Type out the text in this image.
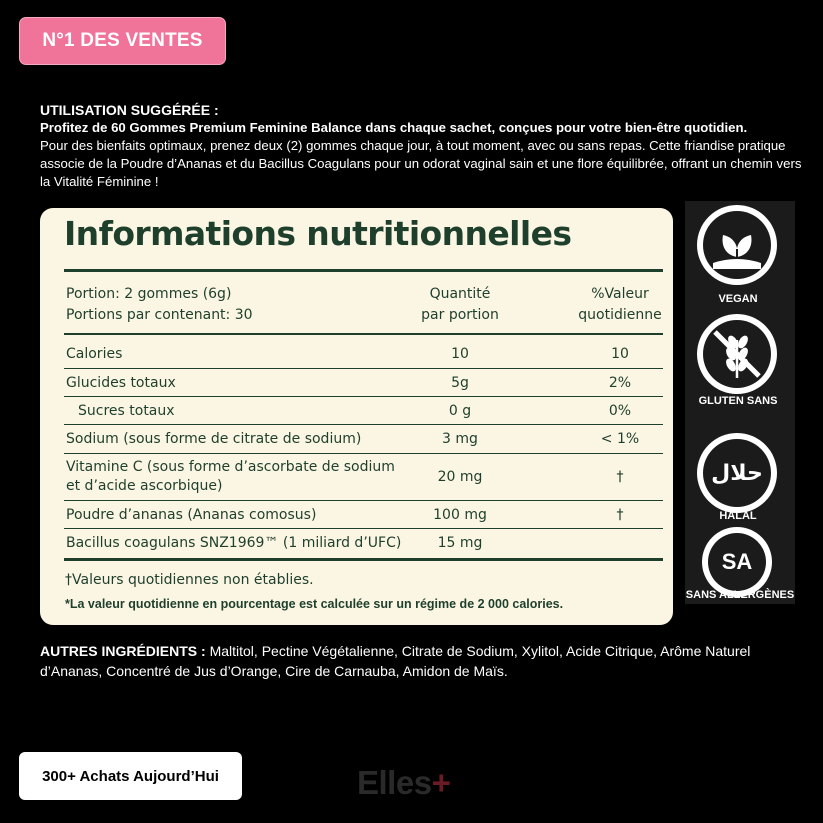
N°1 DES VENTES
UTILISATION SUGGÉRÉE :
Profitez de 60 Gommes Premium Feminine Balance dans chaque sachet, conçues pour votre bien-être quotidien.
Pour des bienfaits optimaux, prenez deux (2) gommes chaque jour, à tout moment, avec ou sans repas. Cette friandise pratique associe de la Poudre d’Ananas et du Bacillus Coagulans pour un odorat vaginal sain et une flore équilibrée, offrant un chemin vers la Vitalité Féminine !
Informations nutritionnelles
Portion: 2 gommes (6g)
Portions par contenant: 30
Quantité
par portion
%Valeur
quotidienne
Calories	10	10
Glucides totaux	5g	2%
Sucres totaux	0 g	0%
Sodium (sous forme de citrate de sodium)	3 mg	< 1%
Vitamine C (sous forme d’ascorbate de sodium
et d’acide ascorbique)
20 mg	†
Poudre d’ananas (Ananas comosus)	100 mg	†
Bacillus coagulans SNZ1969™ (1 miliard d’UFC)	15 mg
†Valeurs quotidiennes non établies.
*La valeur quotidienne en pourcentage est calculée sur un régime de 2 000 calories.
VEGAN
GLUTEN SANS
حلال
HALAL
SA
SANS ALLERGÈNES
AUTRES INGRÉDIENTS : Maltitol, Pectine Végétalienne, Citrate de Sodium, Xylitol, Acide Citrique, Arôme Naturel d’Ananas, Concentré de Jus d’Orange, Cire de Carnauba, Amidon de Maïs.
300+ Achats Aujourd’Hui	Elles+
